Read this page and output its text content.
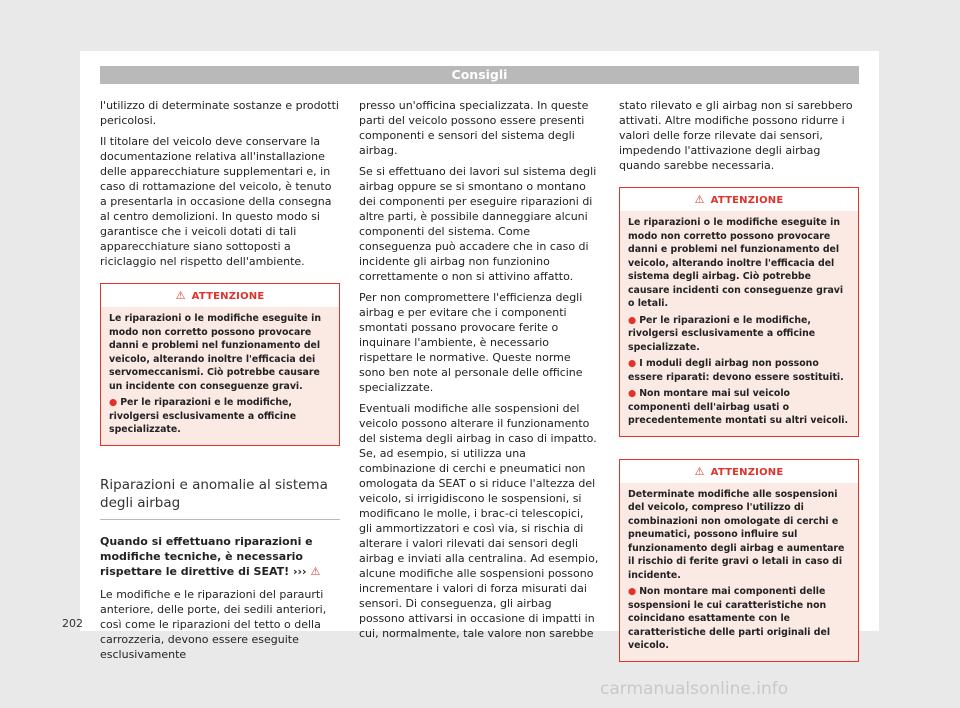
Consigli

l'utilizzo di determinate sostanze e prodotti pericolosi.

Il titolare del veicolo deve conservare la documentazione relativa all'installazione delle apparecchiature supplementari e, in caso di rottamazione del veicolo, è tenuto a presentarla in occasione della consegna al centro demolizioni. In questo modo si garantisce che i veicoli dotati di tali apparecchiature siano sottoposti a riciclaggio nel rispetto dell'ambiente.

⚠ ATTENZIONE

Le riparazioni o le modifiche eseguite in modo non corretto possono provocare danni e problemi nel funzionamento del veicolo, alterando inoltre l'efficacia dei servomeccanismi. Ciò potrebbe causare un incidente con conseguenze gravi.

● Per le riparazioni e le modifiche, rivolgersi esclusivamente a officine specializzate.

Riparazioni e anomalie al sistema degli airbag
Quando si effettuano riparazioni e modifiche tecniche, è necessario rispettare le direttive di SEAT! ››› ⚠

Le modifiche e le riparazioni del paraurti anteriore, delle porte, dei sedili anteriori, così come le riparazioni del tetto o della carrozzeria, devono essere eseguite esclusivamente

presso un'officina specializzata. In queste parti del veicolo possono essere presenti componenti e sensori del sistema degli airbag.

Se si effettuano dei lavori sul sistema degli airbag oppure se si smontano o montano dei componenti per eseguire riparazioni di altre parti, è possibile danneggiare alcuni componenti del sistema. Come conseguenza può accadere che in caso di incidente gli airbag non funzionino correttamente o non si attivino affatto.

Per non compromettere l'efficienza degli airbag e per evitare che i componenti smontati possano provocare ferite o inquinare l'ambiente, è necessario rispettare le normative. Queste norme sono ben note al personale delle officine specializzate.

Eventuali modifiche alle sospensioni del veicolo possono alterare il funzionamento del sistema degli airbag in caso di impatto. Se, ad esempio, si utilizza una combinazione di cerchi e pneumatici non omologata da SEAT o si riduce l'altezza del veicolo, si irrigidiscono le sospensioni, si modificano le molle, i brac-ci telescopici, gli ammortizzatori e così via, si rischia di alterare i valori rilevati dai sensori degli airbag e inviati alla centralina. Ad esempio, alcune modifiche alle sospensioni possono incrementare i valori di forza misurati dai sensori. Di conseguenza, gli airbag possono attivarsi in occasione di impatti in cui, normalmente, tale valore non sarebbe

stato rilevato e gli airbag non si sarebbero attivati. Altre modifiche possono ridurre i valori delle forze rilevate dai sensori, impedendo l'attivazione degli airbag quando sarebbe necessaria.

⚠ ATTENZIONE

Le riparazioni o le modifiche eseguite in modo non corretto possono provocare danni e problemi nel funzionamento del veicolo, alterando inoltre l'efficacia del sistema degli airbag. Ciò potrebbe causare incidenti con conseguenze gravi o letali.

● Per le riparazioni e le modifiche, rivolgersi esclusivamente a officine specializzate.

● I moduli degli airbag non possono essere riparati: devono essere sostituiti.

● Non montare mai sul veicolo componenti dell'airbag usati o precedentemente montati su altri veicoli.

⚠ ATTENZIONE

Determinate modifiche alle sospensioni del veicolo, compreso l'utilizzo di combinazioni non omologate di cerchi e pneumatici, possono influire sul funzionamento degli airbag e aumentare il rischio di ferite gravi o letali in caso di incidente.

● Non montare mai componenti delle sospensioni le cui caratteristiche non coincidano esattamente con le caratteristiche delle parti originali del veicolo.

202
carmanualsonline.info
